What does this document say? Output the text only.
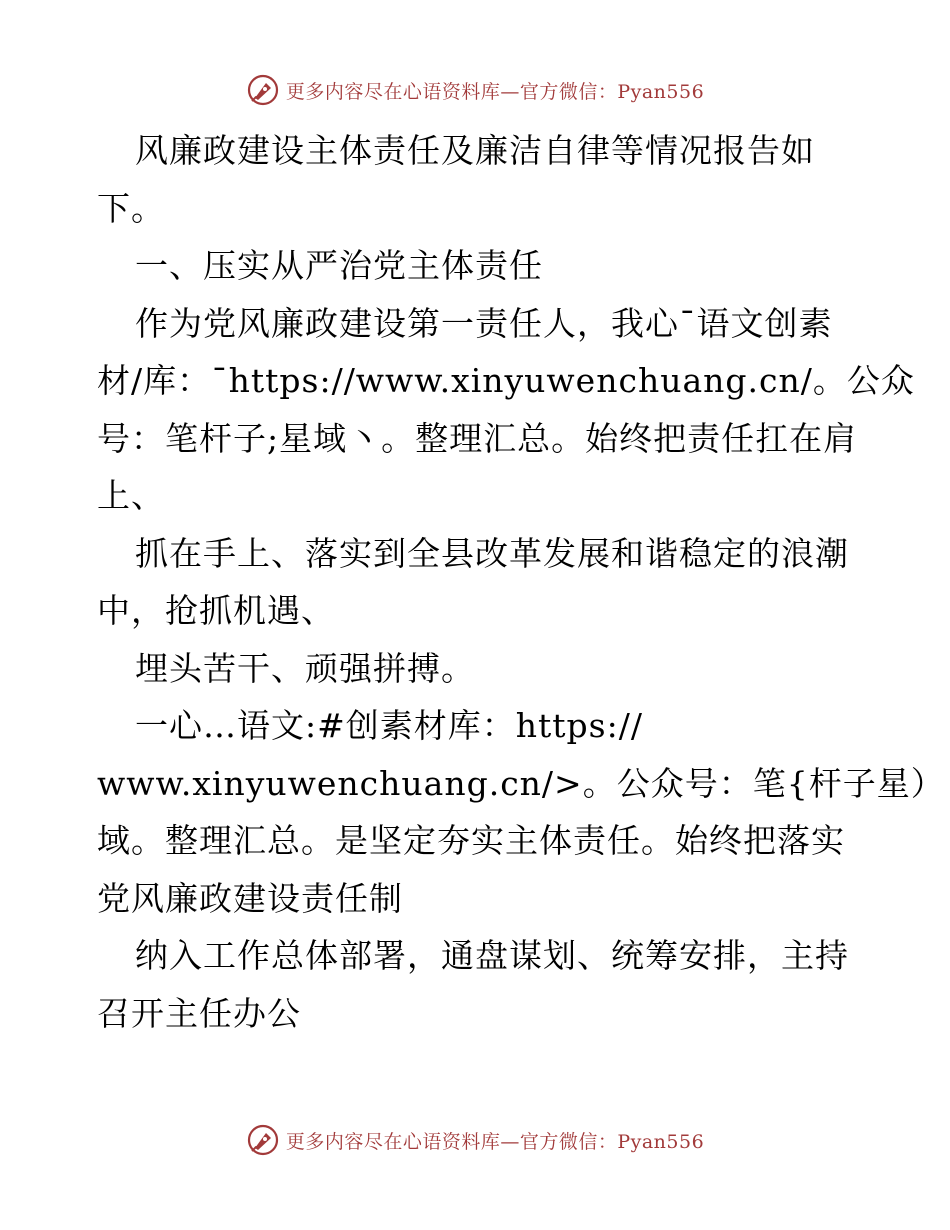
更多内容尽在心语资料库—官方微信：Pyan556
风廉政建设主体责任及廉洁自律等情况报告如
下。
一、压实从严治党主体责任
作为党风廉政建设第一责任人，我心¯语文创素
材/库：¯https://www.xinyuwenchuang.cn/。公众
号：笔杆子;星域丶。整理汇总。始终把责任扛在肩
上、
抓在手上、落实到全县改革发展和谐稳定的浪潮
中，抢抓机遇、
埋头苦干、顽强拼搏。
一心…语文:#创素材库：https://
www.xinyuwenchuang.cn/>。公众号：笔{杆子星）
域。整理汇总。是坚定夯实主体责任。始终把落实
党风廉政建设责任制
纳入工作总体部署，通盘谋划、统筹安排，主持
召开主任办公
更多内容尽在心语资料库—官方微信：Pyan556
